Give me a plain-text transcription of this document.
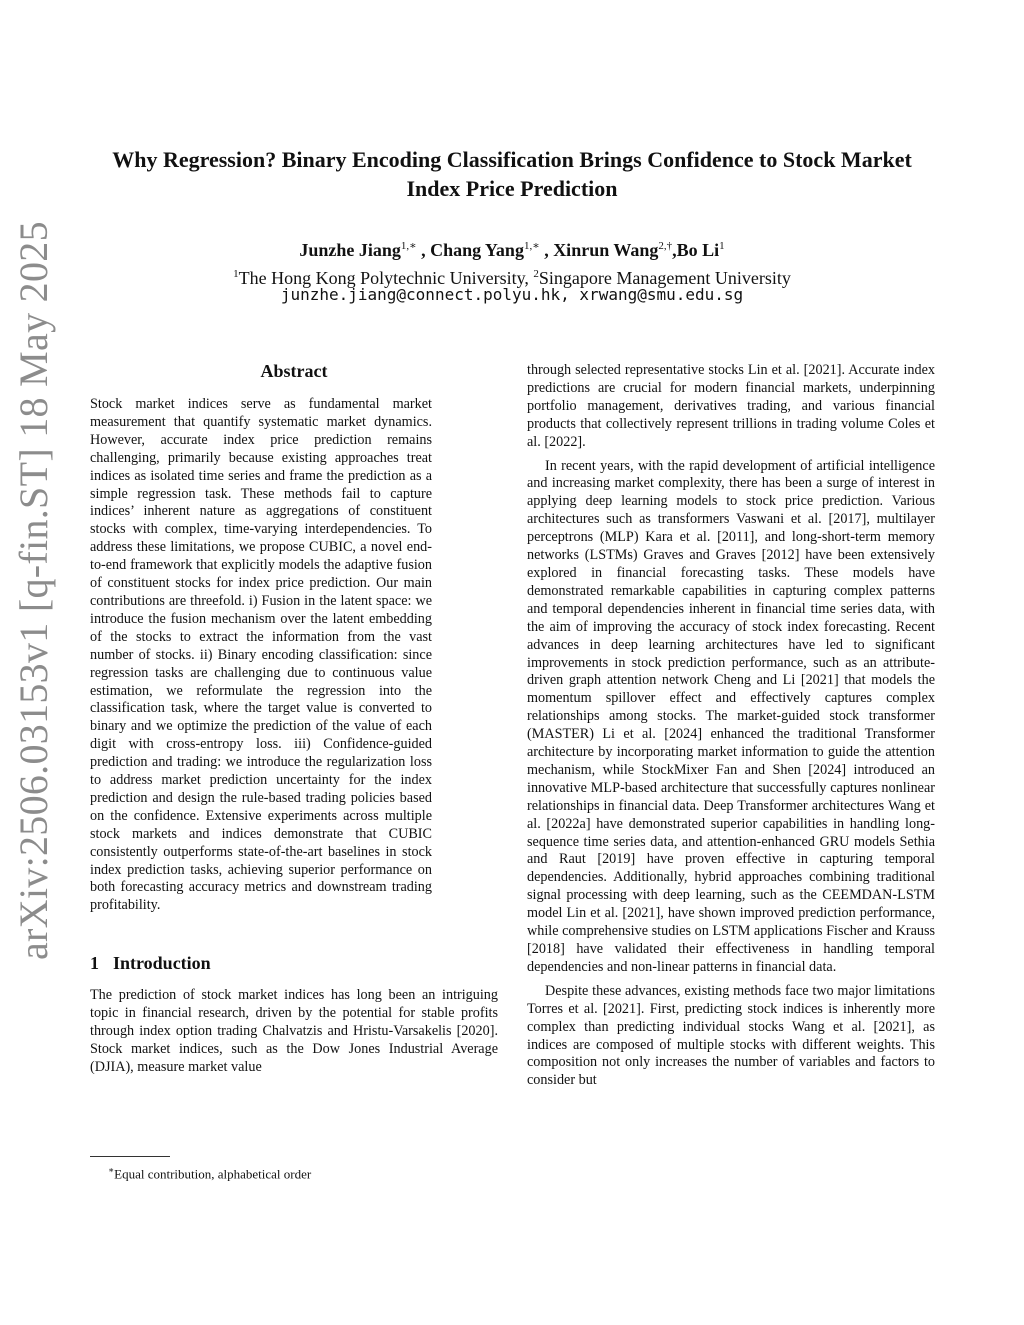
arXiv:2506.03153v1 [q-fin.ST] 18 May 2025
Why Regression? Binary Encoding Classification Brings Confidence to Stock Market Index Price Prediction
Junzhe Jiang$^{1,∗}$ , Chang Yang$^{1,∗}$ , Xinrun Wang$^{2,\dagger}$,Bo Li$^1$
$^1$The Hong Kong Polytechnic University, $^2$Singapore Management University
junzhe.jiang@connect.polyu.hk, xrwang@smu.edu.sg
Abstract

Stock market indices serve as fundamental market measurement that quantify systematic market dynamics. However, accurate index price prediction remains challenging, primarily because existing approaches treat indices as isolated time series and frame the prediction as a simple regression task. These methods fail to capture indices’ inherent nature as aggregations of constituent stocks with complex, time-varying interdependencies. To address these limitations, we propose CUBIC, a novel end-to-end framework that explicitly models the adaptive fusion of constituent stocks for index price prediction. Our main contributions are threefold. i) Fusion in the latent space: we introduce the fusion mechanism over the latent embedding of the stocks to extract the information from the vast number of stocks. ii) Binary encoding classification: since regression tasks are challenging due to continuous value estimation, we reformulate the regression into the classification task, where the target value is converted to binary and we optimize the prediction of the value of each digit with cross-entropy loss. iii) Confidence-guided prediction and trading: we introduce the regularization loss to address market prediction uncertainty for the index prediction and design the rule-based trading policies based on the confidence. Extensive experiments across multiple stock markets and indices demonstrate that CUBIC consistently outperforms state-of-the-art baselines in stock index prediction tasks, achieving superior performance on both forecasting accuracy metrics and downstream trading profitability.

1 Introduction

The prediction of stock market indices has long been an intriguing topic in financial research, driven by the potential for stable profits through index option trading Chalvatzis and Hristu-Varsakelis [2020]. Stock market indices, such as the Dow Jones Industrial Average (DJIA), measure market value

through selected representative stocks Lin et al. [2021]. Accurate index predictions are crucial for modern financial markets, underpinning portfolio management, derivatives trading, and various financial products that collectively represent trillions in trading volume Coles et al. [2022].

In recent years, with the rapid development of artificial intelligence and increasing market complexity, there has been a surge of interest in applying deep learning models to stock price prediction. Various architectures such as transformers Vaswani et al. [2017], multilayer perceptrons (MLP) Kara et al. [2011], and long-short-term memory networks (LSTMs) Graves and Graves [2012] have been extensively explored in financial forecasting tasks. These models have demonstrated remarkable capabilities in capturing complex patterns and temporal dependencies inherent in financial time series data, with the aim of improving the accuracy of stock index forecasting. Recent advances in deep learning architectures have led to significant improvements in stock prediction performance, such as an attribute-driven graph attention network Cheng and Li [2021] that models the momentum spillover effect and effectively captures complex relationships among stocks. The market-guided stock transformer (MASTER) Li et al. [2024] enhanced the traditional Transformer architecture by incorporating market information to guide the attention mechanism, while StockMixer Fan and Shen [2024] introduced an innovative MLP-based architecture that successfully captures nonlinear relationships in financial data. Deep Transformer architectures Wang et al. [2022a] have demonstrated superior capabilities in handling long-sequence time series data, and attention-enhanced GRU models Sethia and Raut [2019] have proven effective in capturing temporal dependencies. Additionally, hybrid approaches combining traditional signal processing with deep learning, such as the CEEMDAN-LSTM model Lin et al. [2021], have shown improved prediction performance, while comprehensive studies on LSTM applications Fischer and Krauss [2018] have validated their effectiveness in handling temporal dependencies and non-linear patterns in financial data.

Despite these advances, existing methods face two major limitations Torres et al. [2021]. First, predicting stock indices is inherently more complex than predicting individual stocks Wang et al. [2021], as indices are composed of multiple stocks with different weights. This composition not only increases the number of variables and factors to consider but

∗Equal contribution, alphabetical order
